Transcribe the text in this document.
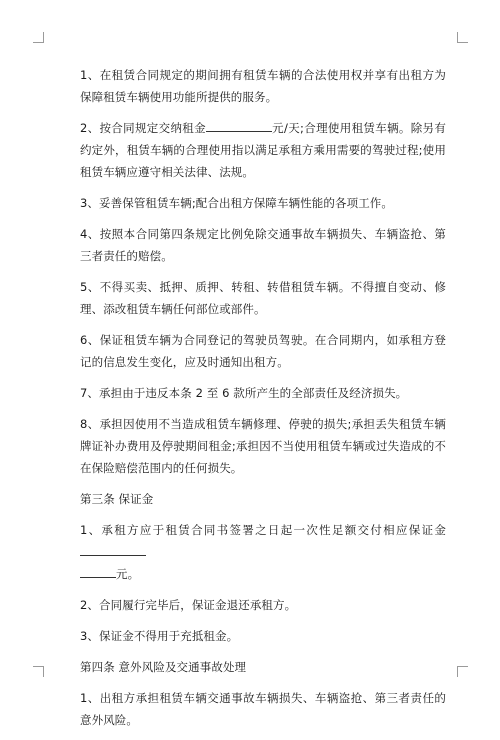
1、在租赁合同规定的期间拥有租赁车辆的合法使用权并享有出租方为保障租赁车辆使用功能所提供的服务。

2、按合同规定交纳租金	元/天;合理使用租赁车辆。除另有约定外，租赁车辆的合理使用指以满足承租方乘用需要的驾驶过程;使用租赁车辆应遵守相关法律、法规。

3、妥善保管租赁车辆;配合出租方保障车辆性能的各项工作。

4、按照本合同第四条规定比例免除交通事故车辆损失、车辆盗抢、第三者责任的赔偿。

5、不得买卖、抵押、质押、转租、转借租赁车辆。不得擅自变动、修理、添改租赁车辆任何部位或部件。

6、保证租赁车辆为合同登记的驾驶员驾驶。在合同期内，如承租方登记的信息发生变化，应及时通知出租方。

7、承担由于违反本条 2 至 6 款所产生的全部责任及经济损失。

8、承担因使用不当造成租赁车辆修理、停驶的损失;承担丢失租赁车辆牌证补办费用及停驶期间租金;承担因不当使用租赁车辆或过失造成的不在保险赔偿范围内的任何损失。

第三条 保证金

1、承租方应于租赁合同书签署之日起一次性足额交付相应保证金
元。

2、合同履行完毕后，保证金退还承租方。

3、保证金不得用于充抵租金。

第四条 意外风险及交通事故处理

1、出租方承担租赁车辆交通事故车辆损失、车辆盗抢、第三者责任的意外风险。
